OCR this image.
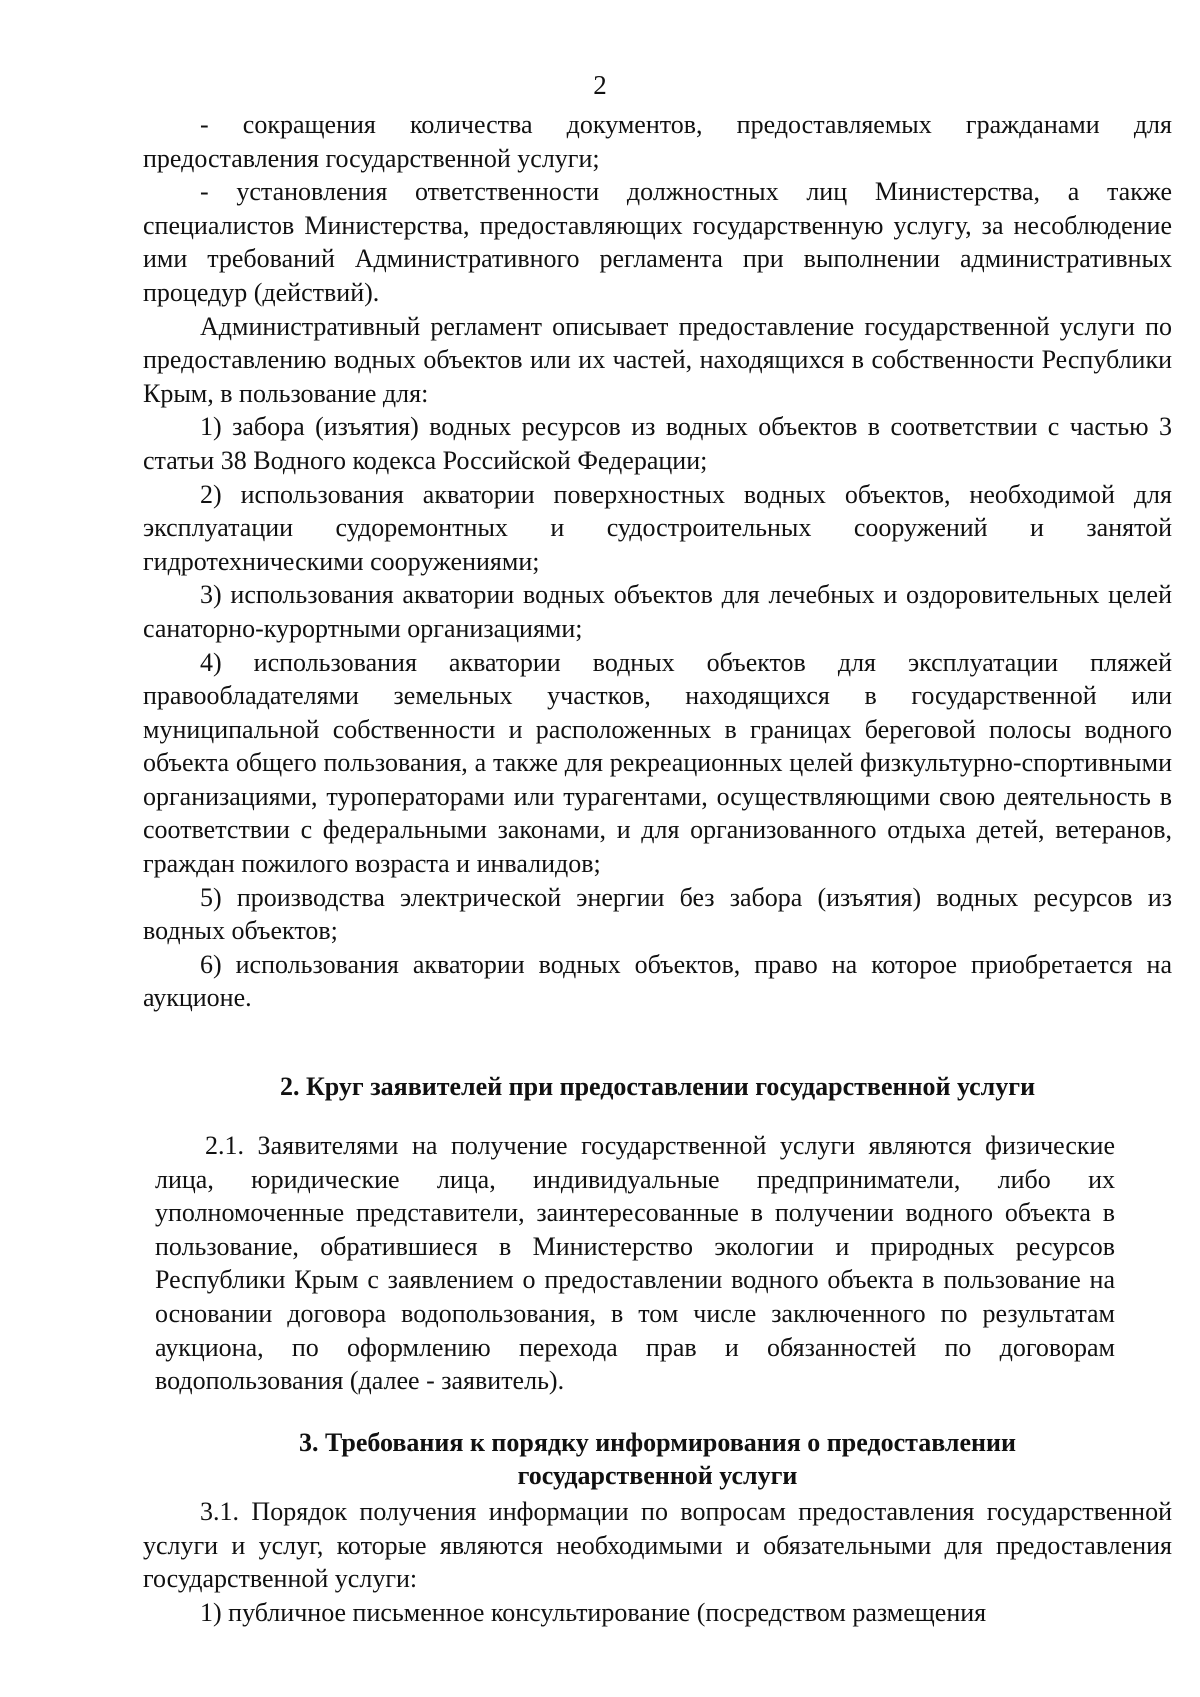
2

- сокращения количества документов, предоставляемых гражданами для предоставления государственной услуги;

- установления ответственности должностных лиц Министерства, а также специалистов Министерства, предоставляющих государственную услугу, за несоблюдение ими требований Административного регламента при выполнении административных процедур (действий).

Административный регламент описывает предоставление государственной услуги по предоставлению водных объектов или их частей, находящихся в собственности Республики Крым, в пользование для:

1) забора (изъятия) водных ресурсов из водных объектов в соответствии с частью 3 статьи 38 Водного кодекса Российской Федерации;

2) использования акватории поверхностных водных объектов, необходимой для эксплуатации судоремонтных и судостроительных сооружений и занятой гидротехническими сооружениями;

3) использования акватории водных объектов для лечебных и оздоровительных целей санаторно-курортными организациями;

4) использования акватории водных объектов для эксплуатации пляжей правообладателями земельных участков, находящихся в государственной или муниципальной собственности и расположенных в границах береговой полосы водного объекта общего пользования, а также для рекреационных целей физкультурно-спортивными организациями, туроператорами или турагентами, осуществляющими свою деятельность в соответствии с федеральными законами, и для организованного отдыха детей, ветеранов, граждан пожилого возраста и инвалидов;

5) производства электрической энергии без забора (изъятия) водных ресурсов из водных объектов;

6) использования акватории водных объектов, право на которое приобретается на аукционе.

2. Круг заявителей при предоставлении государственной услуги

2.1. Заявителями на получение государственной услуги являются физические лица, юридические лица, индивидуальные предприниматели, либо их уполномоченные представители, заинтересованные в получении водного объекта в пользование, обратившиеся в Министерство экологии и природных ресурсов Республики Крым с заявлением о предоставлении водного объекта в пользование на основании договора водопользования, в том числе заключенного по результатам аукциона, по оформлению перехода прав и обязанностей по договорам водопользования (далее - заявитель).

3. Требования к порядку информирования о предоставлении

государственной услуги

3.1. Порядок получения информации по вопросам предоставления государственной услуги и услуг, которые являются необходимыми и обязательными для предоставления государственной услуги:

1) публичное письменное консультирование (посредством размещения
